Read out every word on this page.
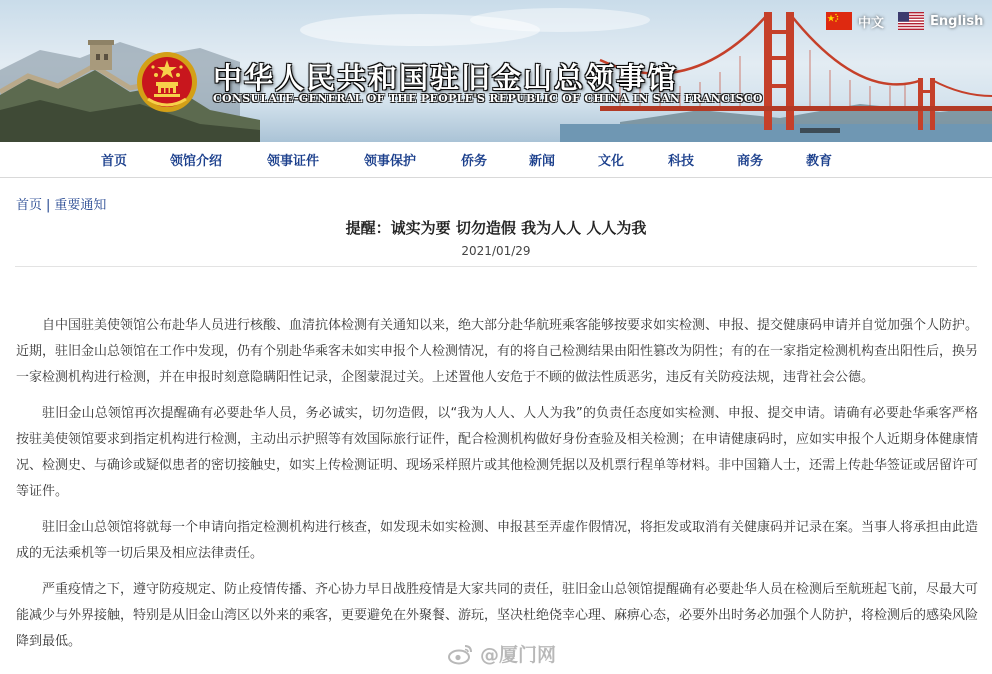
中华人民共和国驻旧金山总领事馆
CONSULATE-GENERAL OF THE PEOPLE'S REPUBLIC OF CHINA IN SAN FRANCISCO
中文	English
首页	领馆介绍	领事证件	领事保护	侨务	新闻	文化	科技	商务	教育
首页 | 重要通知
提醒：诚实为要 切勿造假 我为人人 人人为我
2021/01/29

自中国驻美使领馆公布赴华人员进行核酸、血清抗体检测有关通知以来，绝大部分赴华航班乘客能够按要求如实检测、申报、提交健康码申请并自觉加强个人防护。近期，驻旧金山总领馆在工作中发现，仍有个别赴华乘客未如实申报个人检测情况，有的将自己检测结果由阳性篡改为阴性；有的在一家指定检测机构查出阳性后，换另一家检测机构进行检测，并在申报时刻意隐瞒阳性记录，企图蒙混过关。上述置他人安危于不顾的做法性质恶劣，违反有关防疫法规，违背社会公德。

驻旧金山总领馆再次提醒确有必要赴华人员，务必诚实，切勿造假，以“我为人人、人人为我”的负责任态度如实检测、申报、提交申请。请确有必要赴华乘客严格按驻美使领馆要求到指定机构进行检测，主动出示护照等有效国际旅行证件，配合检测机构做好身份查验及相关检测；在申请健康码时，应如实申报个人近期身体健康情况、检测史、与确诊或疑似患者的密切接触史，如实上传检测证明、现场采样照片或其他检测凭据以及机票行程单等材料。非中国籍人士，还需上传赴华签证或居留许可等证件。

驻旧金山总领馆将就每一个申请向指定检测机构进行核查，如发现未如实检测、申报甚至弄虚作假情况，将拒发或取消有关健康码并记录在案。当事人将承担由此造成的无法乘机等一切后果及相应法律责任。

严重疫情之下，遵守防疫规定、防止疫情传播、齐心协力早日战胜疫情是大家共同的责任，驻旧金山总领馆提醒确有必要赴华人员在检测后至航班起飞前，尽最大可能减少与外界接触，特别是从旧金山湾区以外来的乘客，更要避免在外聚餐、游玩，坚决杜绝侥幸心理、麻痹心态，必要外出时务必加强个人防护，将检测后的感染风险降到最低。

@厦门网
